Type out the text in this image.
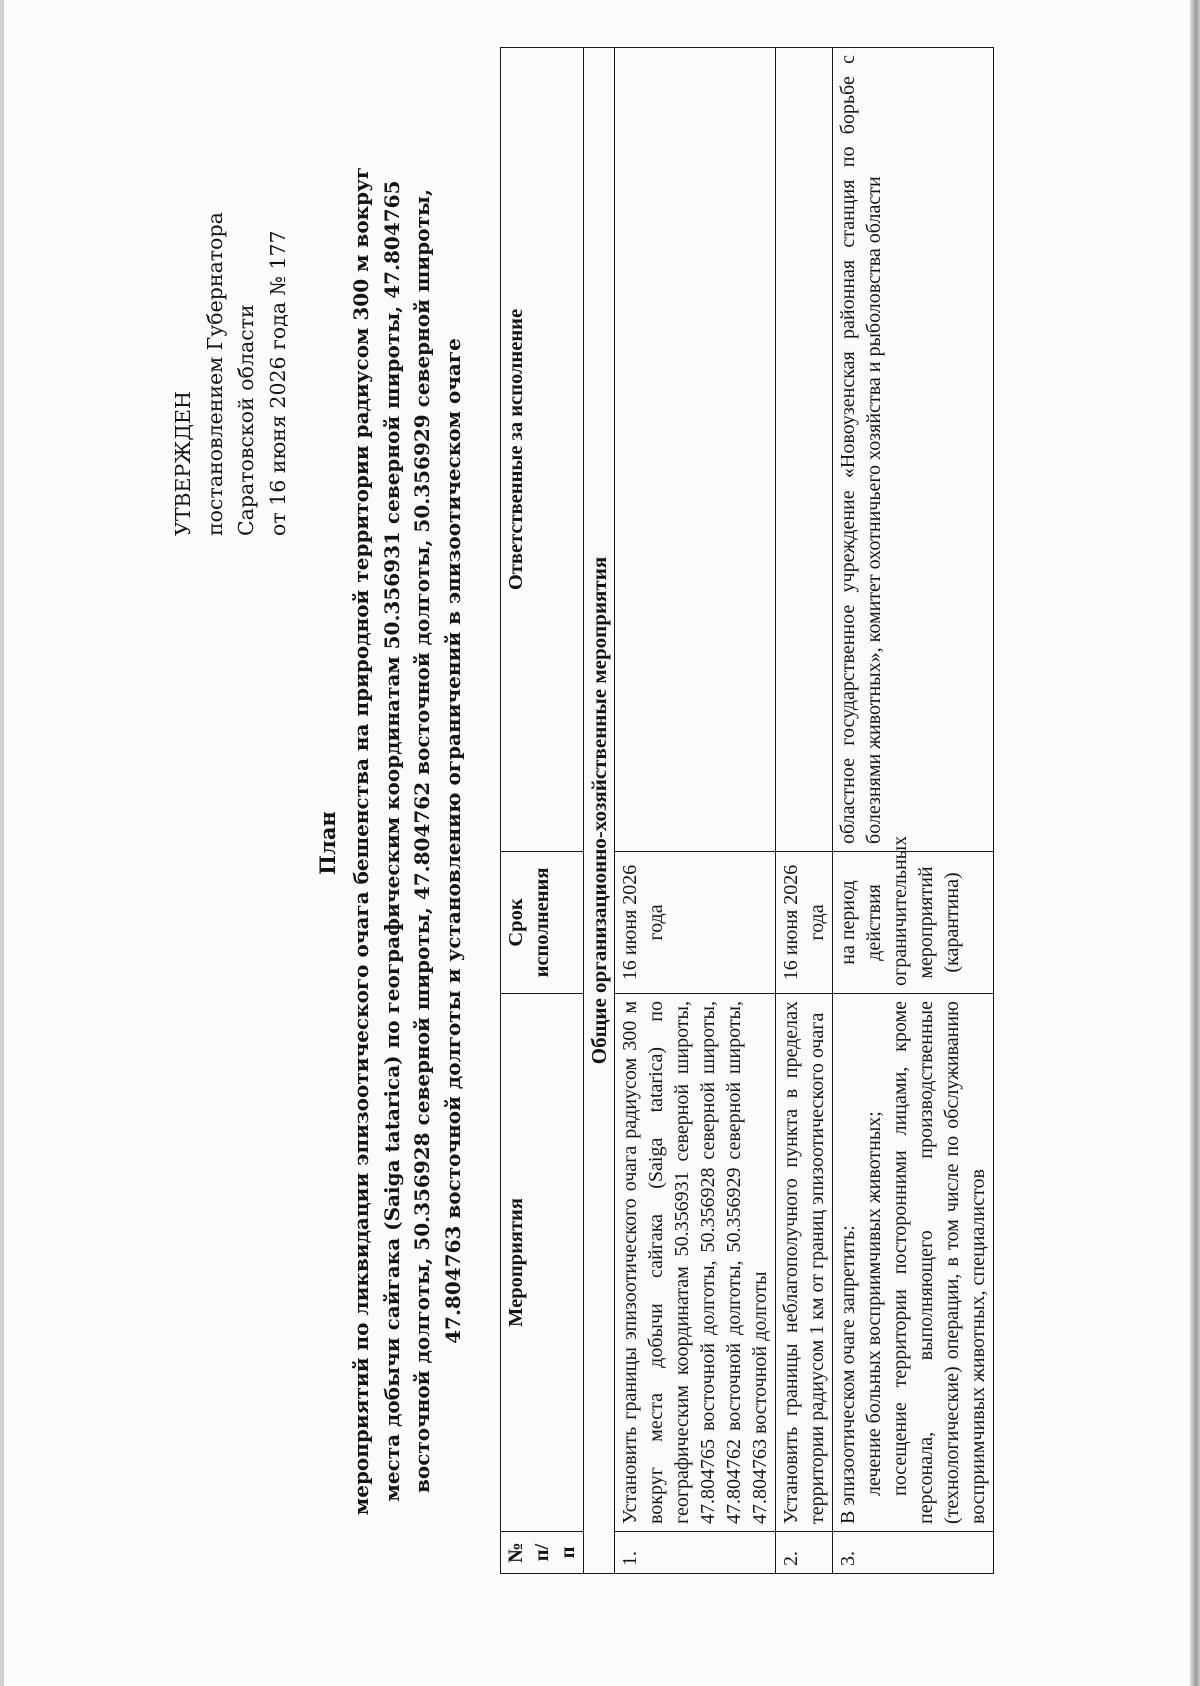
УТВЕРЖДЕН постановлением Губернатора Саратовской области от 16 июня 2026 года № 177
План мероприятий по ликвидации эпизоотического очага бешенства на природной территории радиусом 300 м вокруг места добычи сайгака (Saiga tatarica) по географическим координатам 50.356931 северной широты, 47.804765 восточной долготы, 50.356928 северной широты, 47.804762 восточной долготы, 50.356929 северной широты, 47.804763 восточной долготы и установлению ограничений в эпизоотическом очаге
№ п/п	Мероприятия	Срок исполнения	Ответственные за исполнение
Общие организационно-хозяйственные мероприятия			
1.	Установить границы эпизоотического очага радиусом 300 м вокруг места добычи сайгака (Saiga tatarica) по географическим координатам 50.356931 северной широты, 47.804765 восточной долготы, 50.356928 северной широты, 47.804762 восточной долготы, 50.356929 северной широты, 47.804763 восточной долготы	16 июня 2026 года	
2.	Установить границы неблагополучного пункта в пределах территории радиусом 1 км от границ эпизоотического очага	16 июня 2026 года	
3.	В эпизоотическом очаге запретить: лечение больных восприимчивых животных; посещение территории посторонними лицами, кроме персонала, выполняющего производственные (технологические) операции, в том числе по обслуживанию восприимчивых животных, специалистов	на период действия ограничительных мероприятий (карантина)	областное государственное учреждение «Новоузенская районная станция по борьбе с болезнями животных», комитет охотничьего хозяйства и рыболовства области
